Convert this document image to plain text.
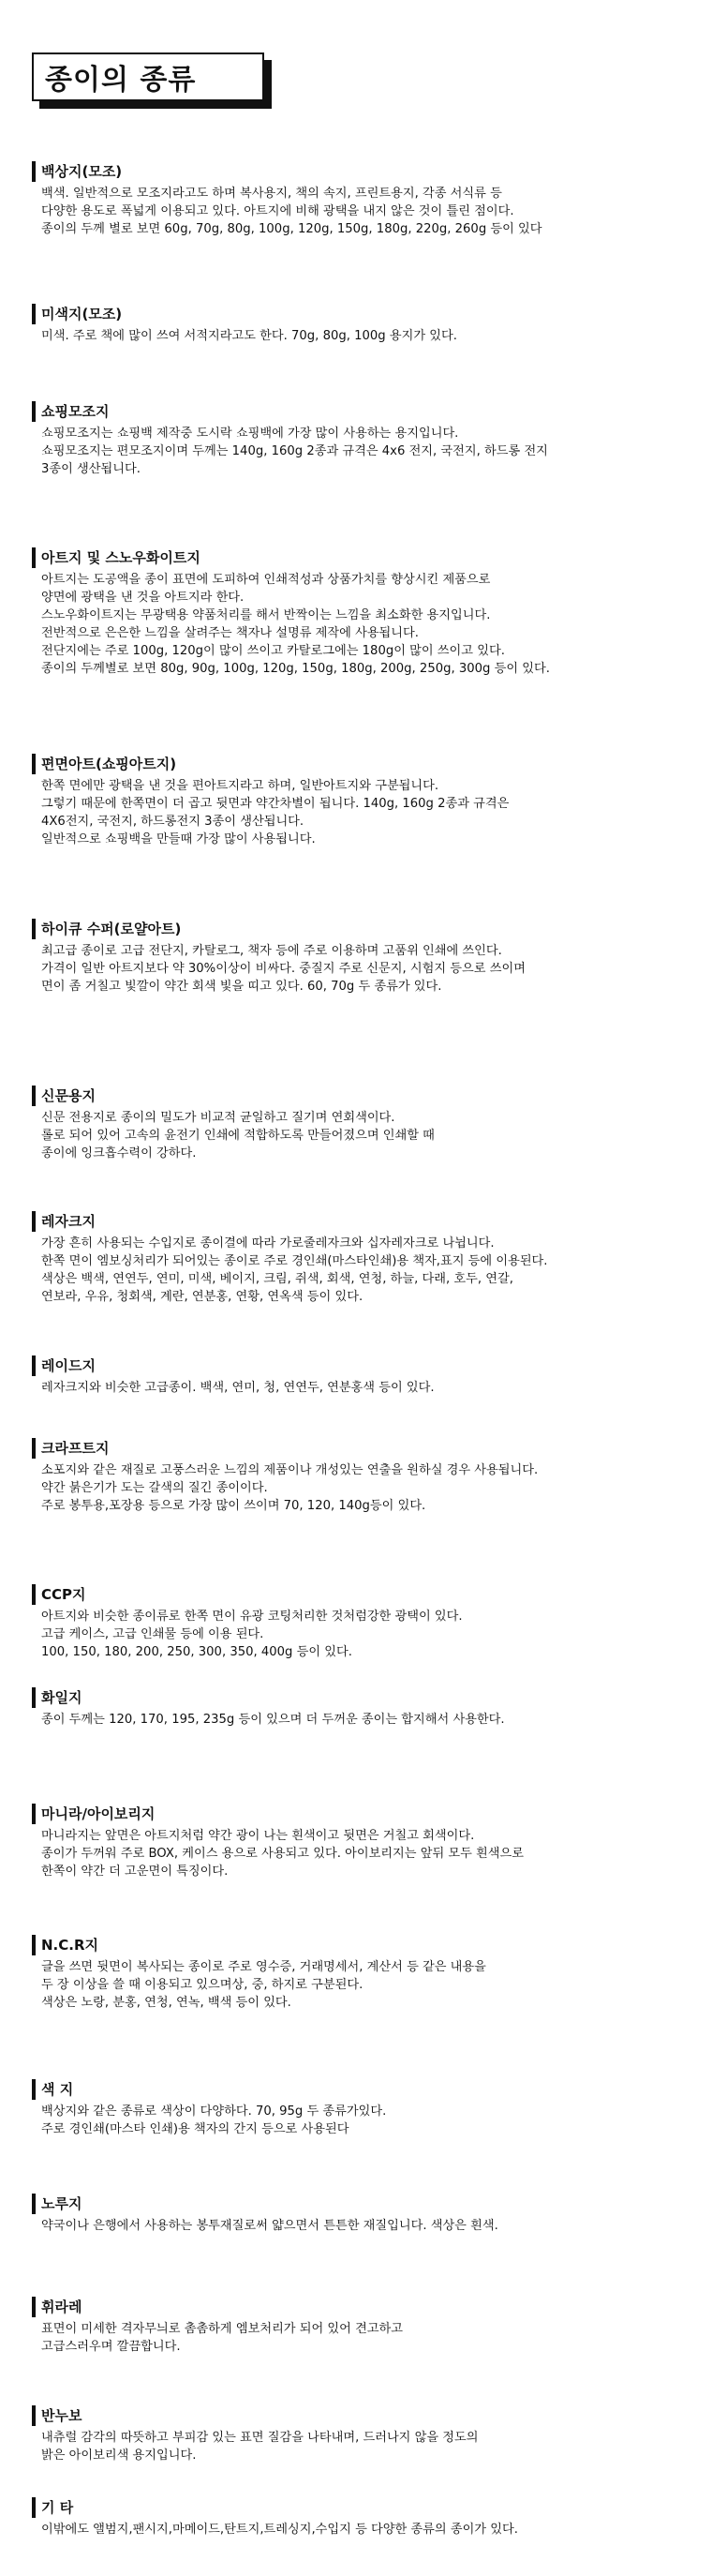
종이의 종류
백상지(모조)
백색. 일반적으로 모조지라고도 하며 복사용지, 책의 속지, 프린트용지, 각종 서식류 등
다양한 용도로 폭넓게 이용되고 있다. 아트지에 비해 광택을 내지 않은 것이 틀린 점이다.
종이의 두께 별로 보면 60g, 70g, 80g, 100g, 120g, 150g, 180g, 220g, 260g 등이 있다
미색지(모조)
미색. 주로 책에 많이 쓰여 서적지라고도 한다. 70g, 80g, 100g 용지가 있다.
쇼핑모조지
쇼핑모조지는 쇼핑백 제작중 도시락 쇼핑백에 가장 많이 사용하는 용지입니다.
쇼핑모조지는 편모조지이며 두께는 140g, 160g 2종과 규격은 4x6 전지, 국전지, 하드롱 전지
3종이 생산됩니다.
아트지 및 스노우화이트지
아트지는 도공액을 종이 표면에 도피하여 인쇄적성과 상품가치를 향상시킨 제품으로
양면에 광택을 낸 것을 아트지라 한다.
스노우화이트지는 무광택용 약품처리를 해서 반짝이는 느낌을 최소화한 용지입니다.
전반적으로 은은한 느낌을 살려주는 책자나 설명류 제작에 사용됩니다.
전단지에는 주로 100g, 120g이 많이 쓰이고 카탈로그에는 180g이 많이 쓰이고 있다.
종이의 두께별로 보면 80g, 90g, 100g, 120g, 150g, 180g, 200g, 250g, 300g 등이 있다.
편면아트(쇼핑아트지)
한쪽 면에만 광택을 낸 것을 편아트지라고 하며, 일반아트지와 구분됩니다.
그렇기 때문에 한쪽면이 더 곱고 뒷면과 약간차별이 됩니다. 140g, 160g 2종과 규격은
4X6전지, 국전지, 하드롱전지 3종이 생산됩니다.
일반적으로 쇼핑백을 만들때 가장 많이 사용됩니다.
하이큐 수퍼(로얄아트)
최고급 종이로 고급 전단지, 카탈로그, 책자 등에 주로 이용하며 고품위 인쇄에 쓰인다.
가격이 일반 아트지보다 약 30%이상이 비싸다. 중질지 주로 신문지, 시험지 등으로 쓰이며
면이 좀 거칠고 빛깔이 약간 회색 빛을 띠고 있다. 60, 70g 두 종류가 있다.
신문용지
신문 전용지로 종이의 밀도가 비교적 균일하고 질기며 연회색이다.
롤로 되어 있어 고속의 윤전기 인쇄에 적합하도록 만들어졌으며 인쇄할 때
종이에 잉크흡수력이 강하다.
레자크지
가장 흔히 사용되는 수입지로 종이결에 따라 가로줄레자크와 십자레자크로 나뉩니다.
한쪽 면이 엠보싱처리가 되어있는 종이로 주로 경인쇄(마스타인쇄)용 책자,표지 등에 이용된다.
색상은 백색, 연연두, 연미, 미색, 베이지, 크림, 쥐색, 회색, 연청, 하늘, 다래, 호두, 연갈,
연보라, 우유, 청회색, 계란, 연분홍, 연황, 연옥색 등이 있다.
레이드지
레자크지와 비슷한 고급종이. 백색, 연미, 청, 연연두, 연분홍색 등이 있다.
크라프트지
소포지와 같은 재질로 고풍스러운 느낌의 제품이나 개성있는 연출을 원하실 경우 사용됩니다.
약간 붉은기가 도는 갈색의 질긴 종이이다.
주로 봉투용,포장용 등으로 가장 많이 쓰이며 70, 120, 140g등이 있다.
CCP지
아트지와 비슷한 종이류로 한쪽 면이 유광 코팅처리한 것처럼강한 광택이 있다.
고급 케이스, 고급 인쇄물 등에 이용 된다.
100, 150, 180, 200, 250, 300, 350, 400g 등이 있다.
화일지
종이 두께는 120, 170, 195, 235g 등이 있으며 더 두꺼운 종이는 합지해서 사용한다.
마니라/아이보리지
마니라지는 앞면은 아트지처럼 약간 광이 나는 흰색이고 뒷면은 거칠고 회색이다.
종이가 두꺼워 주로 BOX, 케이스 용으로 사용되고 있다. 아이보리지는 앞뒤 모두 흰색으로
한쪽이 약간 더 고운면이 특징이다.
N.C.R지
글을 쓰면 뒷면이 복사되는 종이로 주로 영수증, 거래명세서, 계산서 등 같은 내용을
두 장 이상을 쓸 때 이용되고 있으며상, 중, 하지로 구분된다.
색상은 노랑, 분홍, 연청, 연녹, 백색 등이 있다.
색 지
백상지와 같은 종류로 색상이 다양하다. 70, 95g 두 종류가있다.
주로 경인쇄(마스타 인쇄)용 책자의 간지 등으로 사용된다
노루지
약국이나 은행에서 사용하는 봉투재질로써 얇으면서 튼튼한 재질입니다. 색상은 흰색.
휘라레
표면이 미세한 격자무늬로 촘촘하게 엠보처리가 되어 있어 견고하고
고급스러우며 깔끔합니다.
반누보
내츄럴 감각의 따뜻하고 부피감 있는 표면 질감을 나타내며, 드러나지 않을 정도의
밝은 아이보리색 용지입니다.
기 타
이밖에도 앨범지,팬시지,마메이드,탄트지,트레싱지,수입지 등 다양한 종류의 종이가 있다.
